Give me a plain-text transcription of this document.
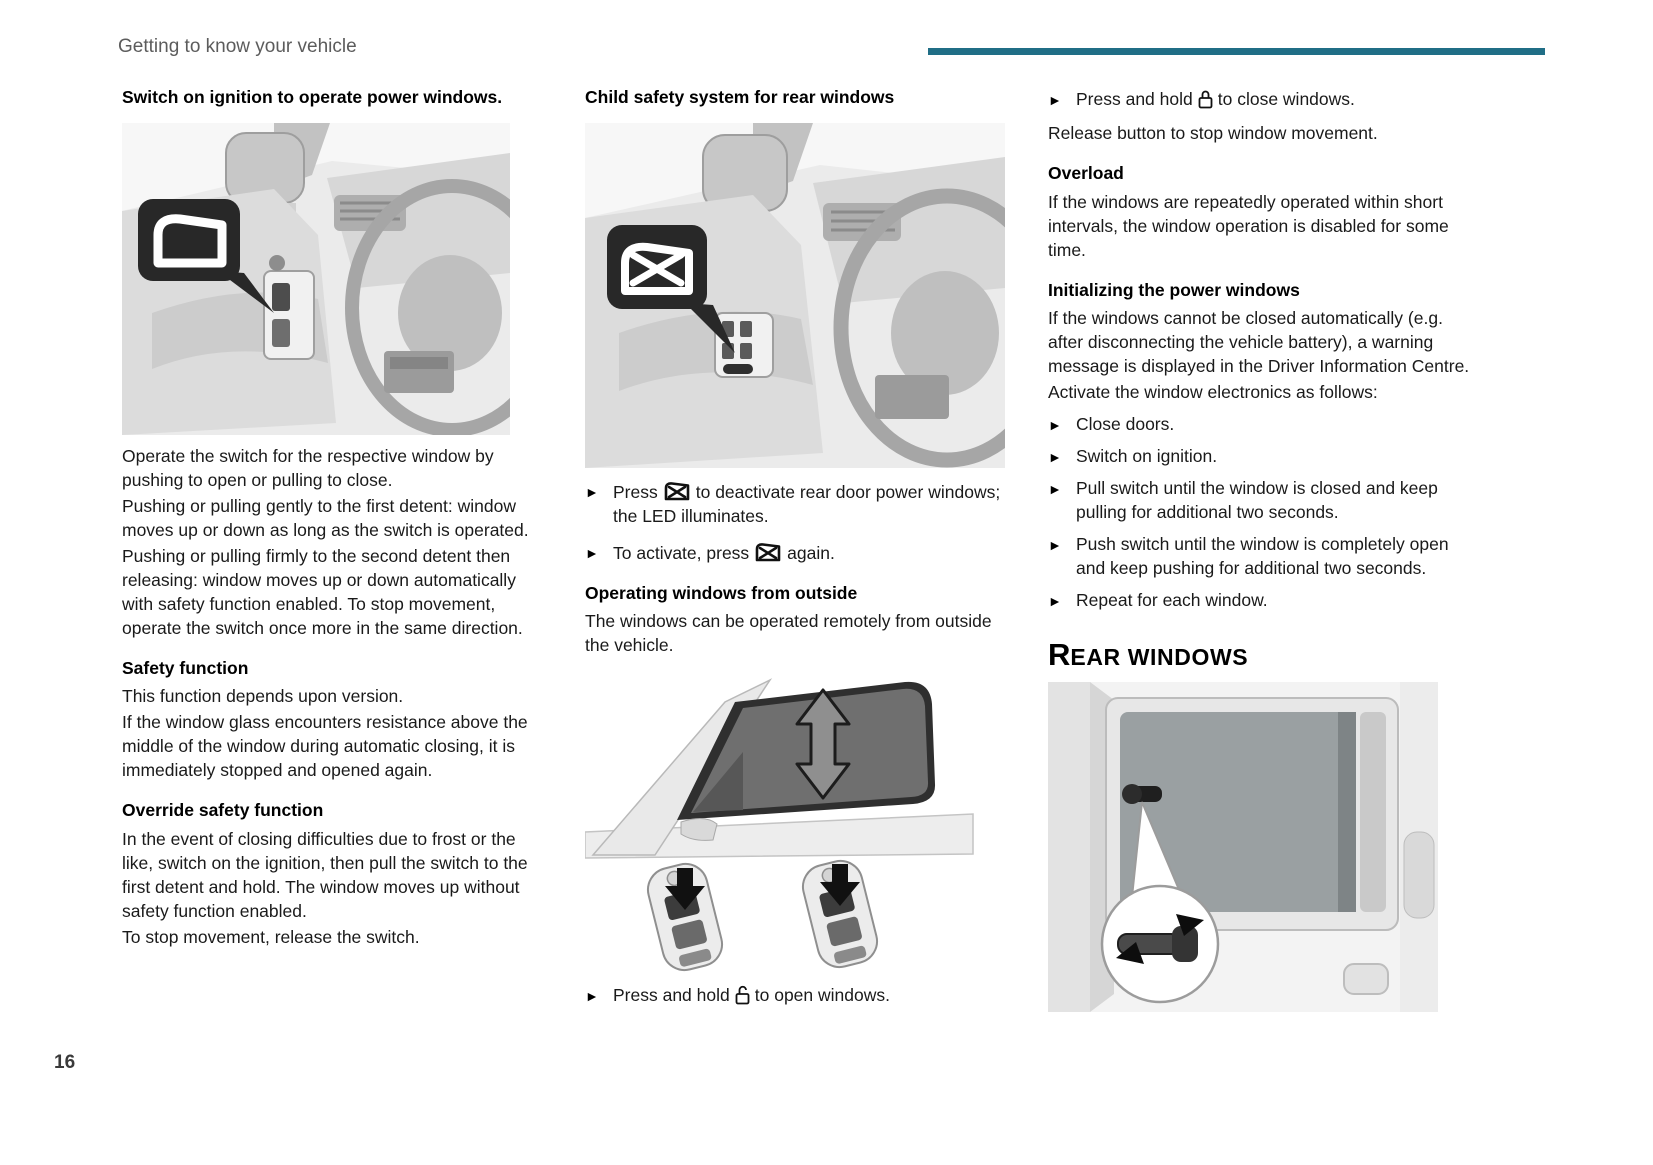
Getting to know your vehicle
Switch on ignition to operate power windows.

Operate the switch for the respective window by pushing to open or pulling to close.

Pushing or pulling gently to the first detent: window moves up or down as long as the switch is operated.

Pushing or pulling firmly to the second detent then releasing: window moves up or down automatically with safety function enabled. To stop movement, operate the switch once more in the same direction.

Safety function

This function depends upon version.

If the window glass encounters resistance above the middle of the window during automatic closing, it is immediately stopped and opened again.

Override safety function

In the event of closing difficulties due to frost or the like, switch on the ignition, then pull the switch to the first detent and hold. The window moves up without safety function enabled.

To stop movement, release the switch.

Child safety system for rear windows
► Press to deactivate rear door power windows; the LED illuminates.
► To activate, press again.
Operating windows from outside

The windows can be operated remotely from outside the vehicle.

► Press and hold to open windows.
► Press and hold to close windows.

Release button to stop window movement.

Overload

If the windows are repeatedly operated within short intervals, the window operation is disabled for some time.

Initializing the power windows

If the windows cannot be closed automatically (e.g. after disconnecting the vehicle battery), a warning message is displayed in the Driver Information Centre.

Activate the window electronics as follows:

► Close doors.
► Switch on ignition.
► Pull switch until the window is closed and keep pulling for additional two seconds.
► Push switch until the window is completely open and keep pushing for additional two seconds.
► Repeat for each window.
REAR WINDOWS
16
